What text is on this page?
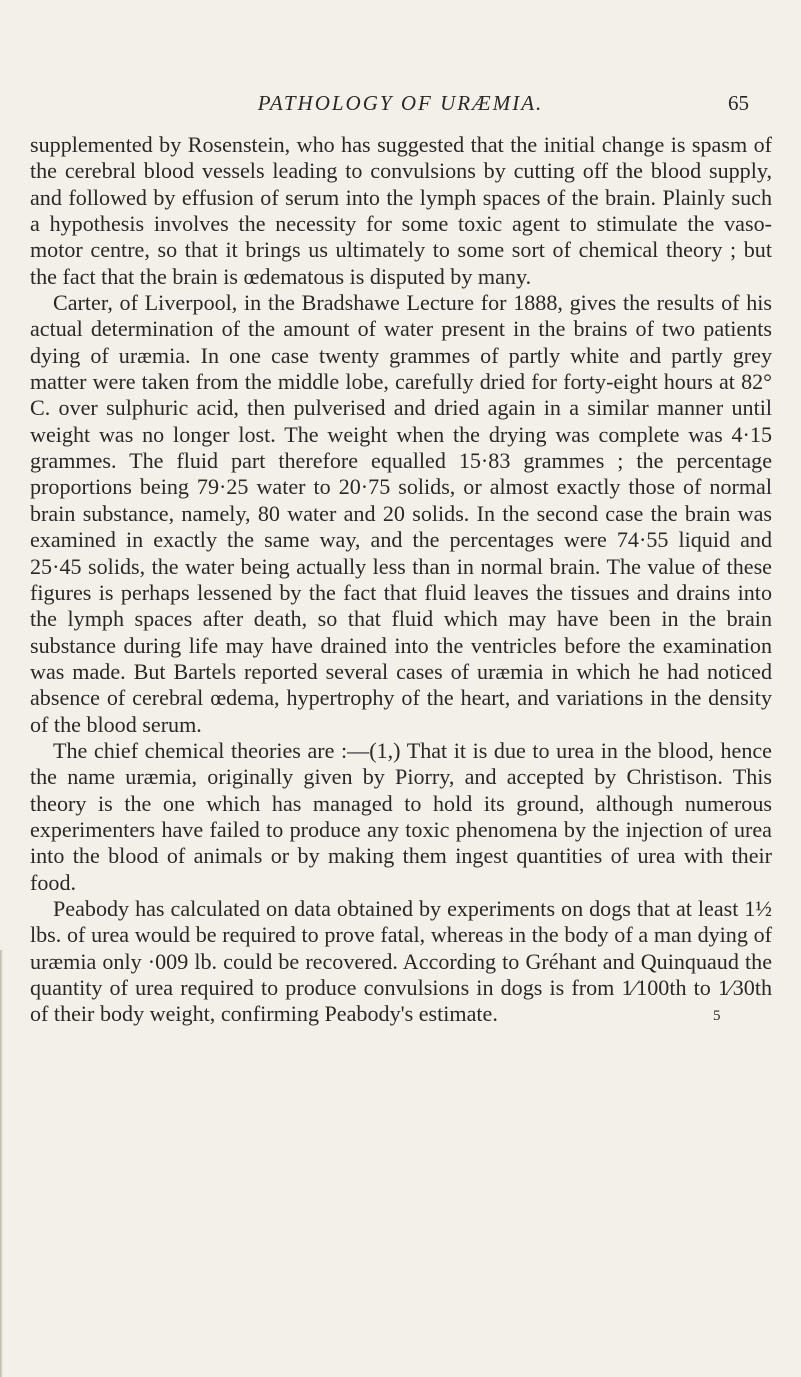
PATHOLOGY OF URÆMIA.	65

supplemented by Rosenstein, who has suggested that the initial change is spasm of the cerebral blood vessels leading to convulsions by cutting off the blood supply, and followed by effusion of serum into the lymph spaces of the brain. Plainly such a hypothesis involves the necessity for some toxic agent to stimulate the vaso-motor centre, so that it brings us ultimately to some sort of chemical theory ; but the fact that the brain is œdematous is disputed by many.

Carter, of Liverpool, in the Bradshawe Lecture for 1888, gives the results of his actual determination of the amount of water present in the brains of two patients dying of uræmia. In one case twenty grammes of partly white and partly grey matter were taken from the middle lobe, carefully dried for forty-eight hours at 82° C. over sulphuric acid, then pulverised and dried again in a similar manner until weight was no longer lost. The weight when the drying was complete was 4·15 grammes. The fluid part therefore equalled 15·83 grammes ; the percentage proportions being 79·25 water to 20·75 solids, or almost exactly those of normal brain substance, namely, 80 water and 20 solids. In the second case the brain was examined in exactly the same way, and the percentages were 74·55 liquid and 25·45 solids, the water being actually less than in normal brain. The value of these figures is perhaps lessened by the fact that fluid leaves the tissues and drains into the lymph spaces after death, so that fluid which may have been in the brain substance during life may have drained into the ventricles before the examination was made. But Bartels reported several cases of uræmia in which he had noticed absence of cerebral œdema, hypertrophy of the heart, and variations in the density of the blood serum.

The chief chemical theories are :—(1,) That it is due to urea in the blood, hence the name uræmia, originally given by Piorry, and accepted by Christison. This theory is the one which has managed to hold its ground, although numerous experimenters have failed to produce any toxic phenomena by the injection of urea into the blood of animals or by making them ingest quantities of urea with their food.

Peabody has calculated on data obtained by experiments on dogs that at least 1½ lbs. of urea would be required to prove fatal, whereas in the body of a man dying of uræmia only ·009 lb. could be recovered. According to Gréhant and Quinquaud the quantity of urea required to produce convulsions in dogs is from 1⁄100th to 1⁄30th of their body weight, confirming Peabody's estimate.	5
